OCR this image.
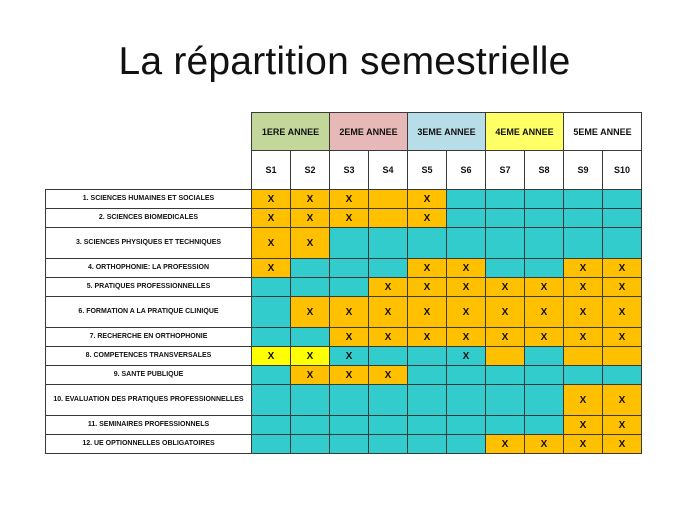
La répartition semestrielle
	1ERE ANNEE		2EME ANNEE		3EME ANNEE		4EME ANNEE		5EME ANNEE	
	S1	S2	S3	S4	S5	S6	S7	S8	S9	S10
1. SCIENCES HUMAINES ET SOCIALES	X	X	X		X					
2. SCIENCES BIOMEDICALES	X	X	X		X					
3. SCIENCES PHYSIQUES ET TECHNIQUES	X	X								
4. ORTHOPHONIE: LA PROFESSION	X				X	X			X	X
5. PRATIQUES PROFESSIONNELLES				X	X	X	X	X	X	X
6. FORMATION A LA PRATIQUE CLINIQUE		X	X	X	X	X	X	X	X	X
7. RECHERCHE EN ORTHOPHONIE			X	X	X	X	X	X	X	X
8. COMPETENCES TRANSVERSALES	X	X	X			X				
9. SANTE PUBLIQUE		X	X	X						
10. EVALUATION DES PRATIQUES PROFESSIONNELLES									X	X
11. SEMINAIRES PROFESSIONNELS									X	X
12. UE OPTIONNELLES OBLIGATOIRES							X	X	X	X
